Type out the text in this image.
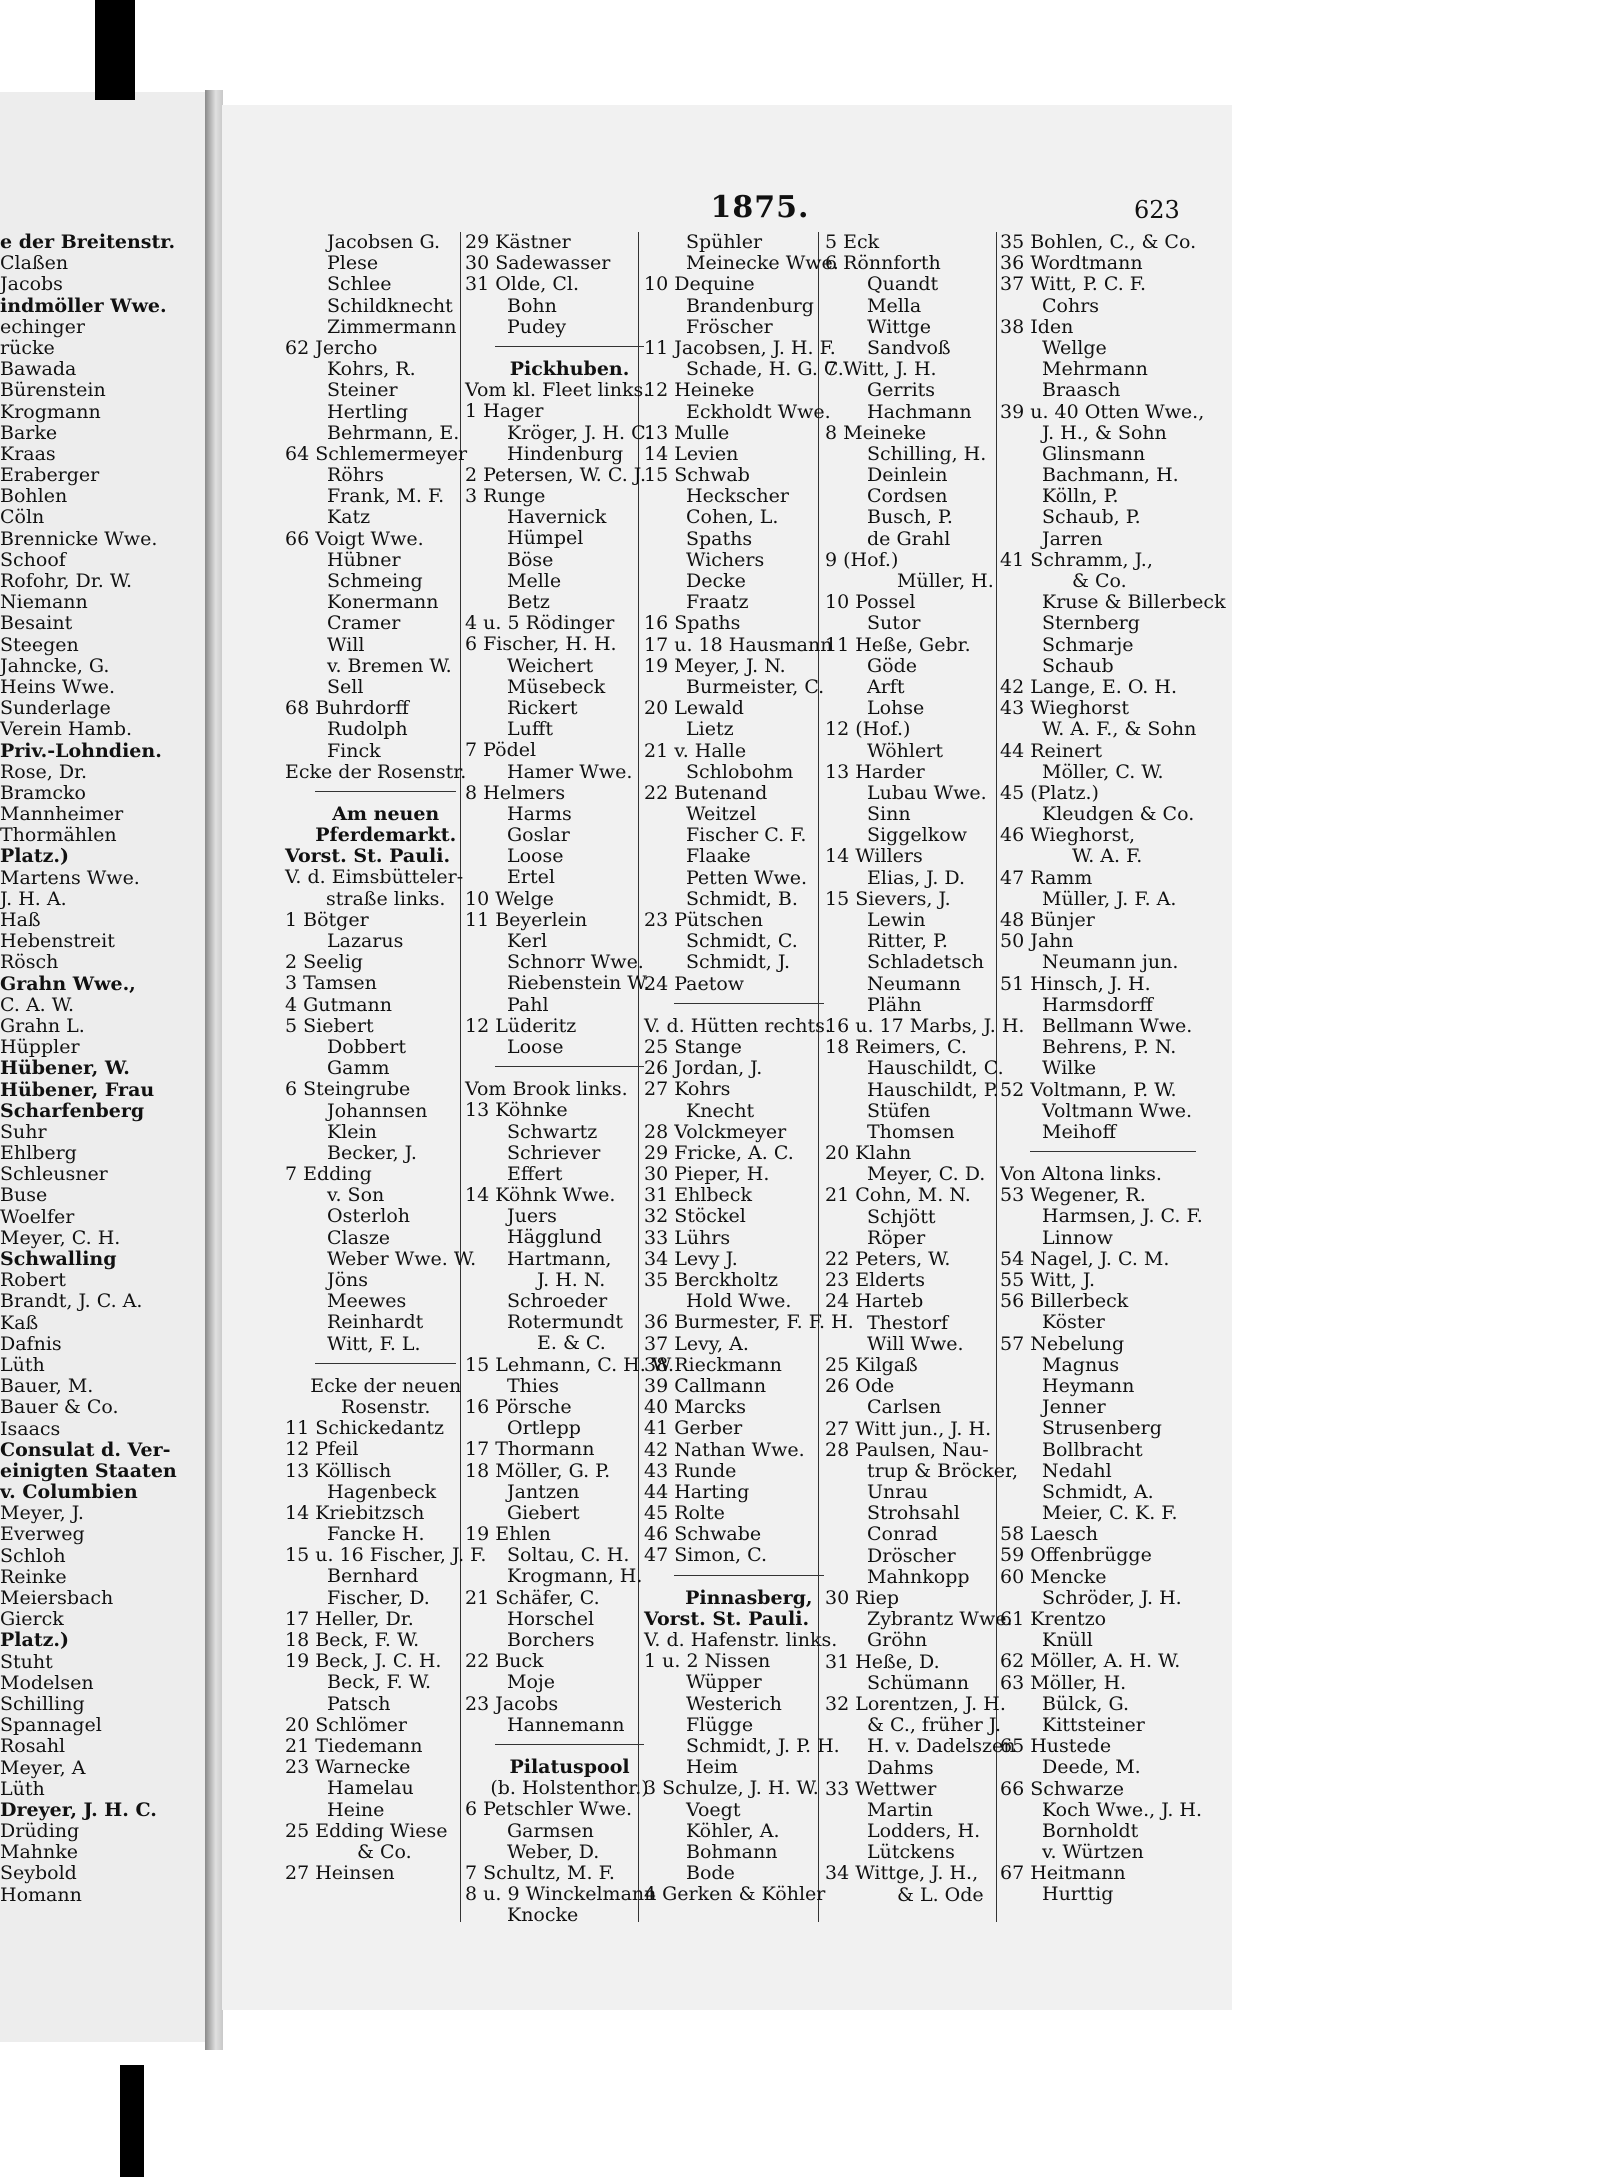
1875.	623
e der Breitenstr.
Claßen
Jacobs
indmöller Wwe.
echinger
rücke
Bawada
Bürenstein
Krogmann
Barke
Kraas
Eraberger
Bohlen
Cöln
Brennicke Wwe.
Schoof
Rofohr, Dr. W.
Niemann
Besaint
Steegen
Jahncke, G.
Heins Wwe.
Sunderlage
Verein Hamb.
Priv.-Lohndien.
Rose, Dr.
Bramcko
Mannheimer
Thormählen
Platz.)
Martens Wwe.
J. H. A.
Haß
Hebenstreit
Rösch
Grahn Wwe.,
C. A. W.
Grahn L.
Hüppler
Hübener, W.
Hübener, Frau
Scharfenberg
Suhr
Ehlberg
Schleusner
Buse
Woelfer
Meyer, C. H.
Schwalling
Robert
Brandt, J. C. A.
Kaß
Dafnis
Lüth
Bauer, M.
Bauer & Co.
Isaacs
Consulat d. Ver-
einigten Staaten
v. Columbien
Meyer, J.
Everweg
Schloh
Reinke
Meiersbach
Gierck
Platz.)
Stuht
Modelsen
Schilling
Spannagel
Rosahl
Meyer, A
Lüth
Dreyer, J. H. C.
Drüding
Mahnke
Seybold
Homann
Jacobsen G.
Plese
Schlee
Schildknecht
Zimmermann
62 Jercho
Kohrs, R.
Steiner
Hertling
Behrmann, E.
64 Schlemermeyer
Röhrs
Frank, M. F.
Katz
66 Voigt Wwe.
Hübner
Schmeing
Konermann
Cramer
Will
v. Bremen W.
Sell
68 Buhrdorff
Rudolph
Finck
Ecke der Rosenstr.
Am neuen
Pferdemarkt.
Vorst. St. Pauli.
V. d. Eimsbütteler-
straße links.
1 Bötger
Lazarus
2 Seelig
3 Tamsen
4 Gutmann
5 Siebert
Dobbert
Gamm
6 Steingrube
Johannsen
Klein
Becker, J.
7 Edding
v. Son
Osterloh
Clasze
Weber Wwe. W.
Jöns
Meewes
Reinhardt
Witt, F. L.
Ecke der neuen
Rosenstr.
11 Schickedantz
12 Pfeil
13 Köllisch
Hagenbeck
14 Kriebitzsch
Fancke H.
15 u. 16 Fischer, J. F.
Bernhard
Fischer, D.
17 Heller, Dr.
18 Beck, F. W.
19 Beck, J. C. H.
Beck, F. W.
Patsch
20 Schlömer
21 Tiedemann
23 Warnecke
Hamelau
Heine
25 Edding Wiese
& Co.
27 Heinsen
29 Kästner
30 Sadewasser
31 Olde, Cl.
Bohn
Pudey
Pickhuben.
Vom kl. Fleet links.
1 Hager
Kröger, J. H. C.
Hindenburg
2 Petersen, W. C. J.
3 Runge
Havernick
Hümpel
Böse
Melle
Betz
4 u. 5 Rödinger
6 Fischer, H. H.
Weichert
Müsebeck
Rickert
Lufft
7 Pödel
Hamer Wwe.
8 Helmers
Harms
Goslar
Loose
Ertel
10 Welge
11 Beyerlein
Kerl
Schnorr Wwe.
Riebenstein W.
Pahl
12 Lüderitz
Loose
Vom Brook links.
13 Köhnke
Schwartz
Schriever
Effert
14 Köhnk Wwe.
Juers
Hägglund
Hartmann,
J. H. N.
Schroeder
Rotermundt
E. & C.
15 Lehmann, C. H. W.
Thies
16 Pörsche
Ortlepp
17 Thormann
18 Möller, G. P.
Jantzen
Giebert
19 Ehlen
Soltau, C. H.
Krogmann, H.
21 Schäfer, C.
Horschel
Borchers
22 Buck
Moje
23 Jacobs
Hannemann
Pilatuspool
(b. Holstenthor.)
6 Petschler Wwe.
Garmsen
Weber, D.
7 Schultz, M. F.
8 u. 9 Winckelmann
Knocke
Spühler
Meinecke Wwe.
10 Dequine
Brandenburg
Fröscher
11 Jacobsen, J. H. F.
Schade, H. G. C.
12 Heineke
Eckholdt Wwe.
13 Mulle
14 Levien
15 Schwab
Heckscher
Cohen, L.
Spaths
Wichers
Decke
Fraatz
16 Spaths
17 u. 18 Hausmann
19 Meyer, J. N.
Burmeister, C.
20 Lewald
Lietz
21 v. Halle
Schlobohm
22 Butenand
Weitzel
Fischer C. F.
Flaake
Petten Wwe.
Schmidt, B.
23 Pütschen
Schmidt, C.
Schmidt, J.
24 Paetow
V. d. Hütten rechts.
25 Stange
26 Jordan, J.
27 Kohrs
Knecht
28 Volckmeyer
29 Fricke, A. C.
30 Pieper, H.
31 Ehlbeck
32 Stöckel
33 Lührs
34 Levy J.
35 Berckholtz
Hold Wwe.
36 Burmester, F. F. H.
37 Levy, A.
38 Rieckmann
39 Callmann
40 Marcks
41 Gerber
42 Nathan Wwe.
43 Runde
44 Harting
45 Rolte
46 Schwabe
47 Simon, C.
Pinnasberg,
Vorst. St. Pauli.
V. d. Hafenstr. links.
1 u. 2 Nissen
Wüpper
Westerich
Flügge
Schmidt, J. P. H.
Heim
3 Schulze, J. H. W.
Voegt
Köhler, A.
Bohmann
Bode
4 Gerken & Köhler
5 Eck
6 Rönnforth
Quandt
Mella
Wittge
Sandvoß
7 Witt, J. H.
Gerrits
Hachmann
8 Meineke
Schilling, H.
Deinlein
Cordsen
Busch, P.
de Grahl
9 (Hof.)
Müller, H.
10 Possel
Sutor
11 Heße, Gebr.
Göde
Arft
Lohse
12 (Hof.)
Wöhlert
13 Harder
Lubau Wwe.
Sinn
Siggelkow
14 Willers
Elias, J. D.
15 Sievers, J.
Lewin
Ritter, P.
Schladetsch
Neumann
Plähn
16 u. 17 Marbs, J. H.
18 Reimers, C.
Hauschildt, C.
Hauschildt, P.
Stüfen
Thomsen
20 Klahn
Meyer, C. D.
21 Cohn, M. N.
Schjött
Röper
22 Peters, W.
23 Elderts
24 Harteb
Thestorf
Will Wwe.
25 Kilgaß
26 Ode
Carlsen
27 Witt jun., J. H.
28 Paulsen, Nau-
trup & Bröcker,
Unrau
Strohsahl
Conrad
Dröscher
Mahnkopp
30 Riep
Zybrantz Wwe.
Gröhn
31 Heße, D.
Schümann
32 Lorentzen, J. H.
& C., früher J.
H. v. Dadelszen
Dahms
33 Wettwer
Martin
Lodders, H.
Lütckens
34 Wittge, J. H.,
& L. Ode
35 Bohlen, C., & Co.
36 Wordtmann
37 Witt, P. C. F.
Cohrs
38 Iden
Wellge
Mehrmann
Braasch
39 u. 40 Otten Wwe.,
J. H., & Sohn
Glinsmann
Bachmann, H.
Kölln, P.
Schaub, P.
Jarren
41 Schramm, J.,
& Co.
Kruse & Billerbeck
Sternberg
Schmarje
Schaub
42 Lange, E. O. H.
43 Wieghorst
W. A. F., & Sohn
44 Reinert
Möller, C. W.
45 (Platz.)
Kleudgen & Co.
46 Wieghorst,
W. A. F.
47 Ramm
Müller, J. F. A.
48 Bünjer
50 Jahn
Neumann jun.
51 Hinsch, J. H.
Harmsdorff
Bellmann Wwe.
Behrens, P. N.
Wilke
52 Voltmann, P. W.
Voltmann Wwe.
Meihoff
Von Altona links.
53 Wegener, R.
Harmsen, J. C. F.
Linnow
54 Nagel, J. C. M.
55 Witt, J.
56 Billerbeck
Köster
57 Nebelung
Magnus
Heymann
Jenner
Strusenberg
Bollbracht
Nedahl
Schmidt, A.
Meier, C. K. F.
58 Laesch
59 Offenbrügge
60 Mencke
Schröder, J. H.
61 Krentzo
Knüll
62 Möller, A. H. W.
63 Möller, H.
Bülck, G.
Kittsteiner
65 Hustede
Deede, M.
66 Schwarze
Koch Wwe., J. H.
Bornholdt
v. Würtzen
67 Heitmann
Hurttig
